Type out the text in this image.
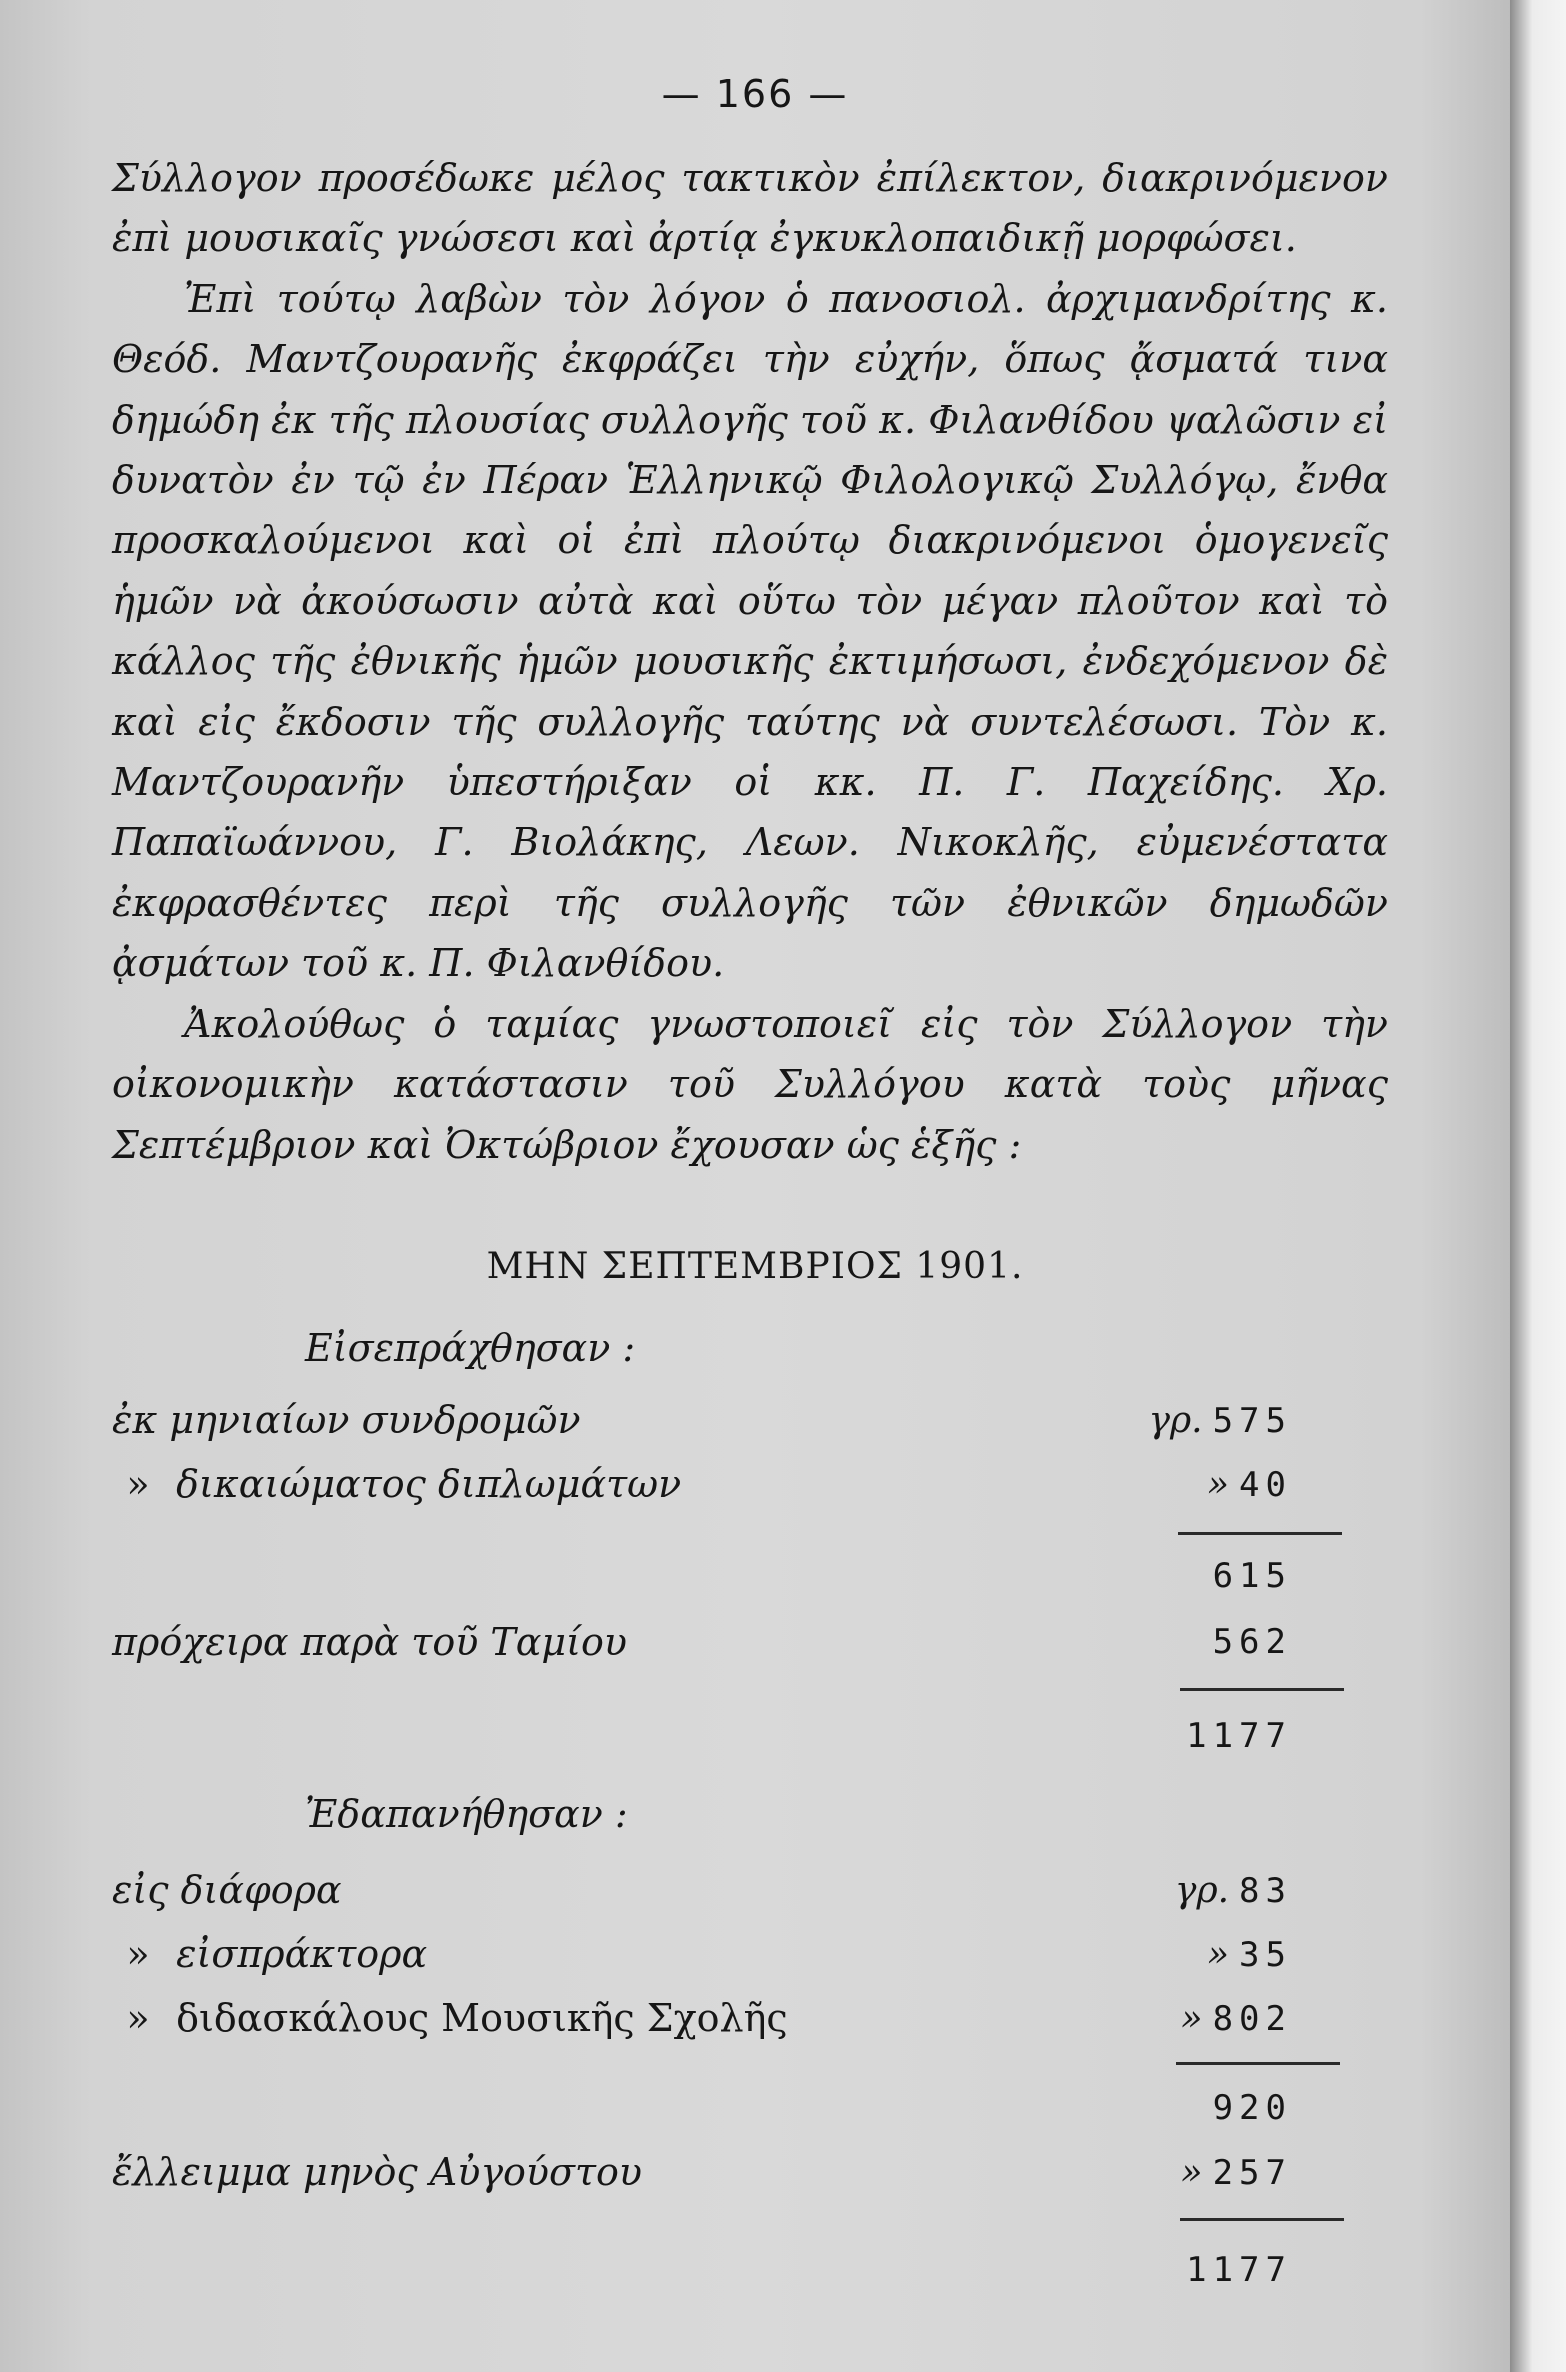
— 166 —

Σύλλογον προσέδωκε μέλος τακτικὸν ἐπίλεκτον, διακρινόμενον ἐπὶ μουσικαῖς γνώσεσι καὶ ἀρτίᾳ ἐγκυκλοπαιδικῇ μορφώσει.

Ἐπὶ τούτῳ λαβὼν τὸν λόγον ὁ πανοσιολ. ἀρχιμανδρίτης κ. Θεόδ. Μαντζουρανῆς ἐκφράζει τὴν εὐχήν, ὅπως ᾄσματά τινα δημώδη ἐκ τῆς πλουσίας συλλογῆς τοῦ κ. Φιλανθίδου ψαλῶσιν εἰ δυνατὸν ἐν τῷ ἐν Πέραν Ἑλληνικῷ Φιλολογικῷ Συλλόγῳ, ἔνθα προσκαλούμενοι καὶ οἱ ἐπὶ πλούτῳ διακρινόμενοι ὁμογενεῖς ἡμῶν νὰ ἀκούσωσιν αὐτὰ καὶ οὕτω τὸν μέγαν πλοῦτον καὶ τὸ κάλλος τῆς ἐθνικῆς ἡμῶν μουσικῆς ἐκτιμήσωσι, ἐνδεχόμενον δὲ καὶ εἰς ἔκδοσιν τῆς συλλογῆς ταύτης νὰ συντελέσωσι. Τὸν κ. Μαντζουρανῆν ὑπεστήριξαν οἱ κκ. Π. Γ. Παχείδης. Χρ. Παπαϊωάννου, Γ. Βιολάκης, Λεων. Νικοκλῆς, εὐμενέστατα ἐκφρασθέντες περὶ τῆς συλλογῆς τῶν ἐθνικῶν δημωδῶν ᾀσμάτων τοῦ κ. Π. Φιλανθίδου.

Ἀκολούθως ὁ ταμίας γνωστοποιεῖ εἰς τὸν Σύλλογον τὴν οἰκονομικὴν κατάστασιν τοῦ Συλλόγου κατὰ τοὺς μῆνας Σεπτέμβριον καὶ Ὀκτώβριον ἔχουσαν ὡς ἑξῆς :

ΜΗΝ ΣΕΠΤΕΜΒΡΙΟΣ 1901.
Εἰσεπράχθησαν :
ἐκ μηνιαίων συνδρομῶν	γρ. 575
» δικαιώματος διπλωμάτων	» 40
615
πρόχειρα παρὰ τοῦ Ταμίου	562
1177
Ἐδαπανήθησαν :
εἰς διάφορα	γρ. 83
» εἰσπράκτορα	» 35
» διδασκάλους Μουσικῆς Σχολῆς	» 802
920
ἔλλειμμα μηνὸς Αὐγούστου	» 257
1177
